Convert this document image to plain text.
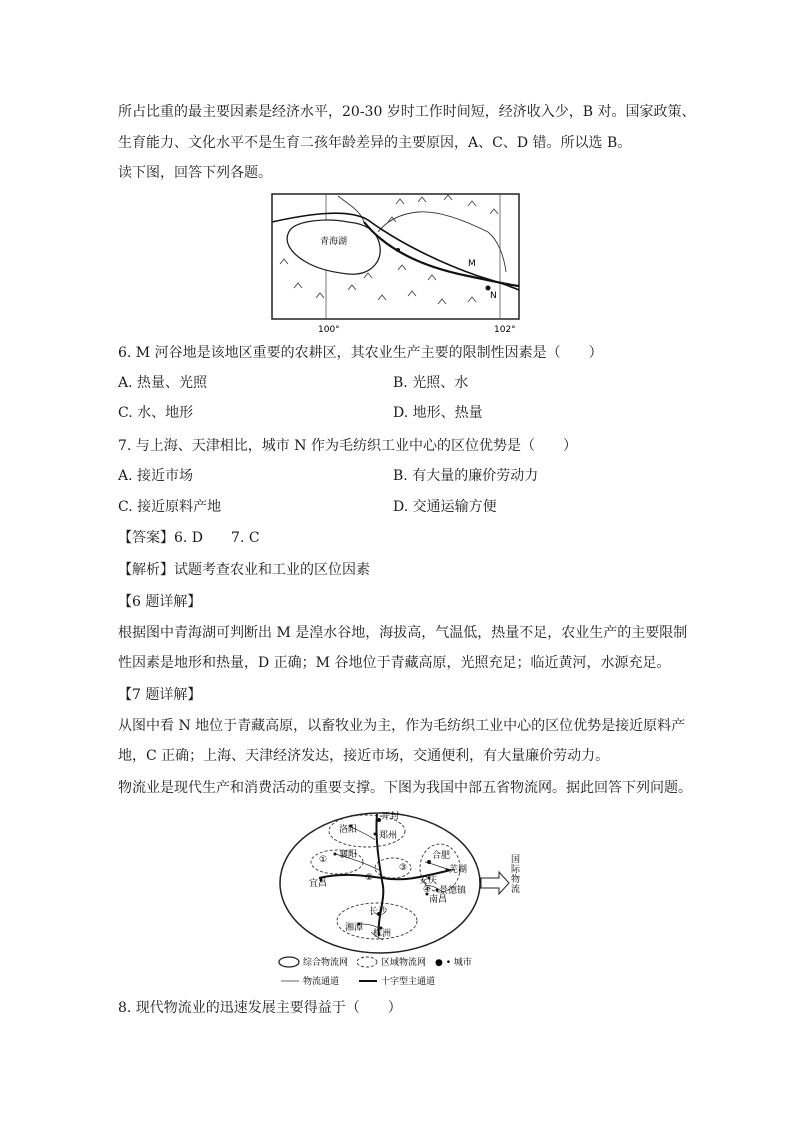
所占比重的最主要因素是经济水平，20-30 岁时工作时间短，经济收入少，B 对。国家政策、
生育能力、文化水平不是生育二孩年龄差异的主要原因，A、C、D 错。所以选 B。
读下图，回答下列各题。
青海湖
M
N
100°	102°
6. M 河谷地是该地区重要的农耕区，其农业生产主要的限制性因素是（　　）
A. 热量、光照	B. 光照、水
C. 水、地形	D. 地形、热量
7. 与上海、天津相比，城市 N 作为毛纺织工业中心的区位优势是（　　）
A. 接近市场	B. 有大量的廉价劳动力
C. 接近原料产地	D. 交通运输方便
【答案】6. D　　7. C
【解析】试题考查农业和工业的区位因素
【6 题详解】
根据图中青海湖可判断出 M 是湟水谷地，海拔高，气温低，热量不足，农业生产的主要限制
性因素是地形和热量，D 正确；M 谷地位于青藏高原，光照充足；临近黄河，水源充足。
【7 题详解】
从图中看 N 地位于青藏高原，以畜牧业为主，作为毛纺织工业中心的区位优势是接近原料产
地，C 正确；上海、天津经济发达，接近市场，交通便利，有大量廉价劳动力。
物流业是现代生产和消费活动的重要支撑。下图为我国中部五省物流网。据此回答下列问题。
开封
洛阳
郑州
襄阳	合肥
芜湖
安庆
宜昌
景德镇
南昌
长沙
湘潭
株洲
①
②
③
④
国际物流
综合物流网	区域物流网 ● • 城市
物流通道	十字型主通道
8. 现代物流业的迅速发展主要得益于（　　）
